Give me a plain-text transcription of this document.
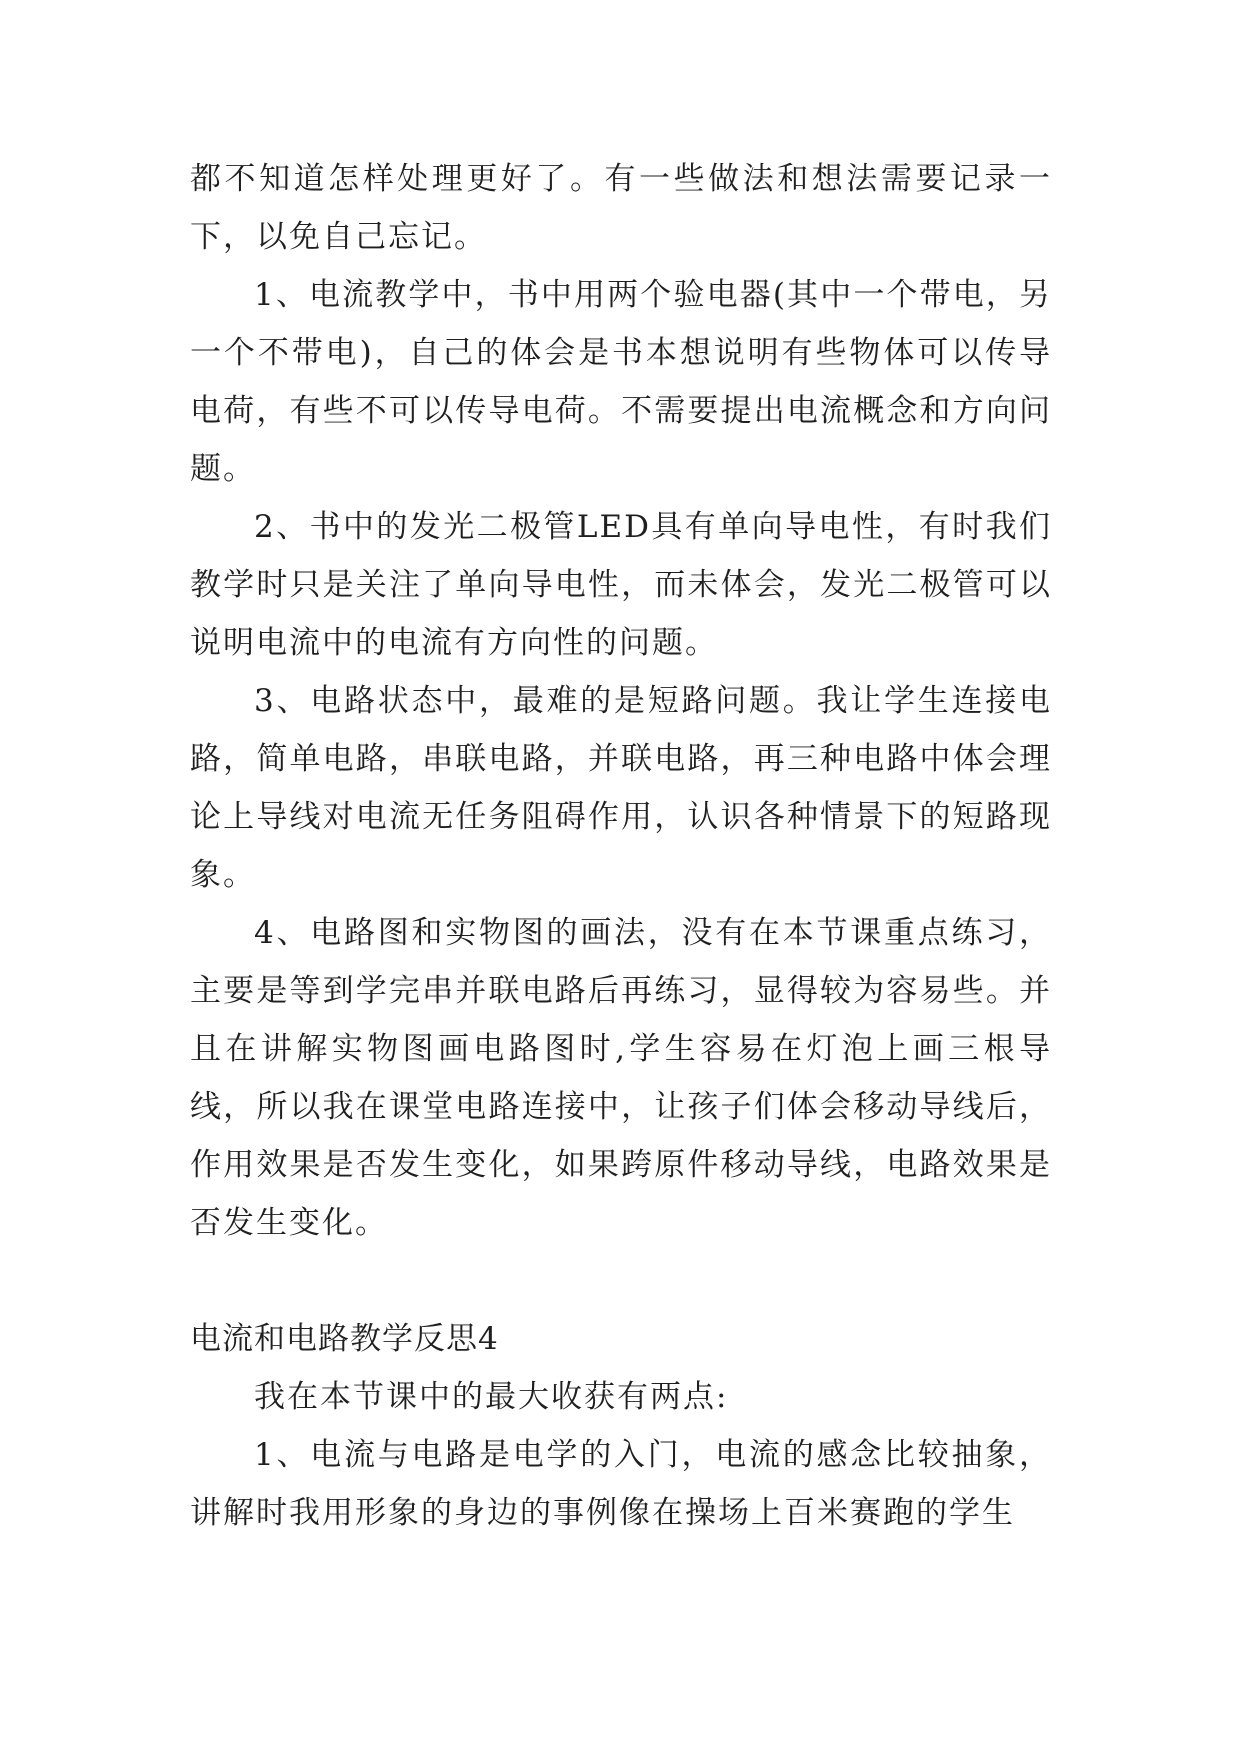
都不知道怎样处理更好了。有一些做法和想法需要记录一下，以免自己忘记。

1、电流教学中，书中用两个验电器(其中一个带电，另一个不带电)，自己的体会是书本想说明有些物体可以传导电荷，有些不可以传导电荷。不需要提出电流概念和方向问题。

2、书中的发光二极管LED具有单向导电性，有时我们教学时只是关注了单向导电性，而未体会，发光二极管可以说明电流中的电流有方向性的问题。

3、电路状态中，最难的是短路问题。我让学生连接电路，简单电路，串联电路，并联电路，再三种电路中体会理论上导线对电流无任务阻碍作用，认识各种情景下的短路现象。

4、电路图和实物图的画法，没有在本节课重点练习，主要是等到学完串并联电路后再练习，显得较为容易些。并且在讲解实物图画电路图时,学生容易在灯泡上画三根导线，所以我在课堂电路连接中，让孩子们体会移动导线后，作用效果是否发生变化，如果跨原件移动导线，电路效果是否发生变化。

电流和电路教学反思4

我在本节课中的最大收获有两点:

1、电流与电路是电学的入门，电流的感念比较抽象，讲解时我用形象的身边的事例像在操场上百米赛跑的学生
